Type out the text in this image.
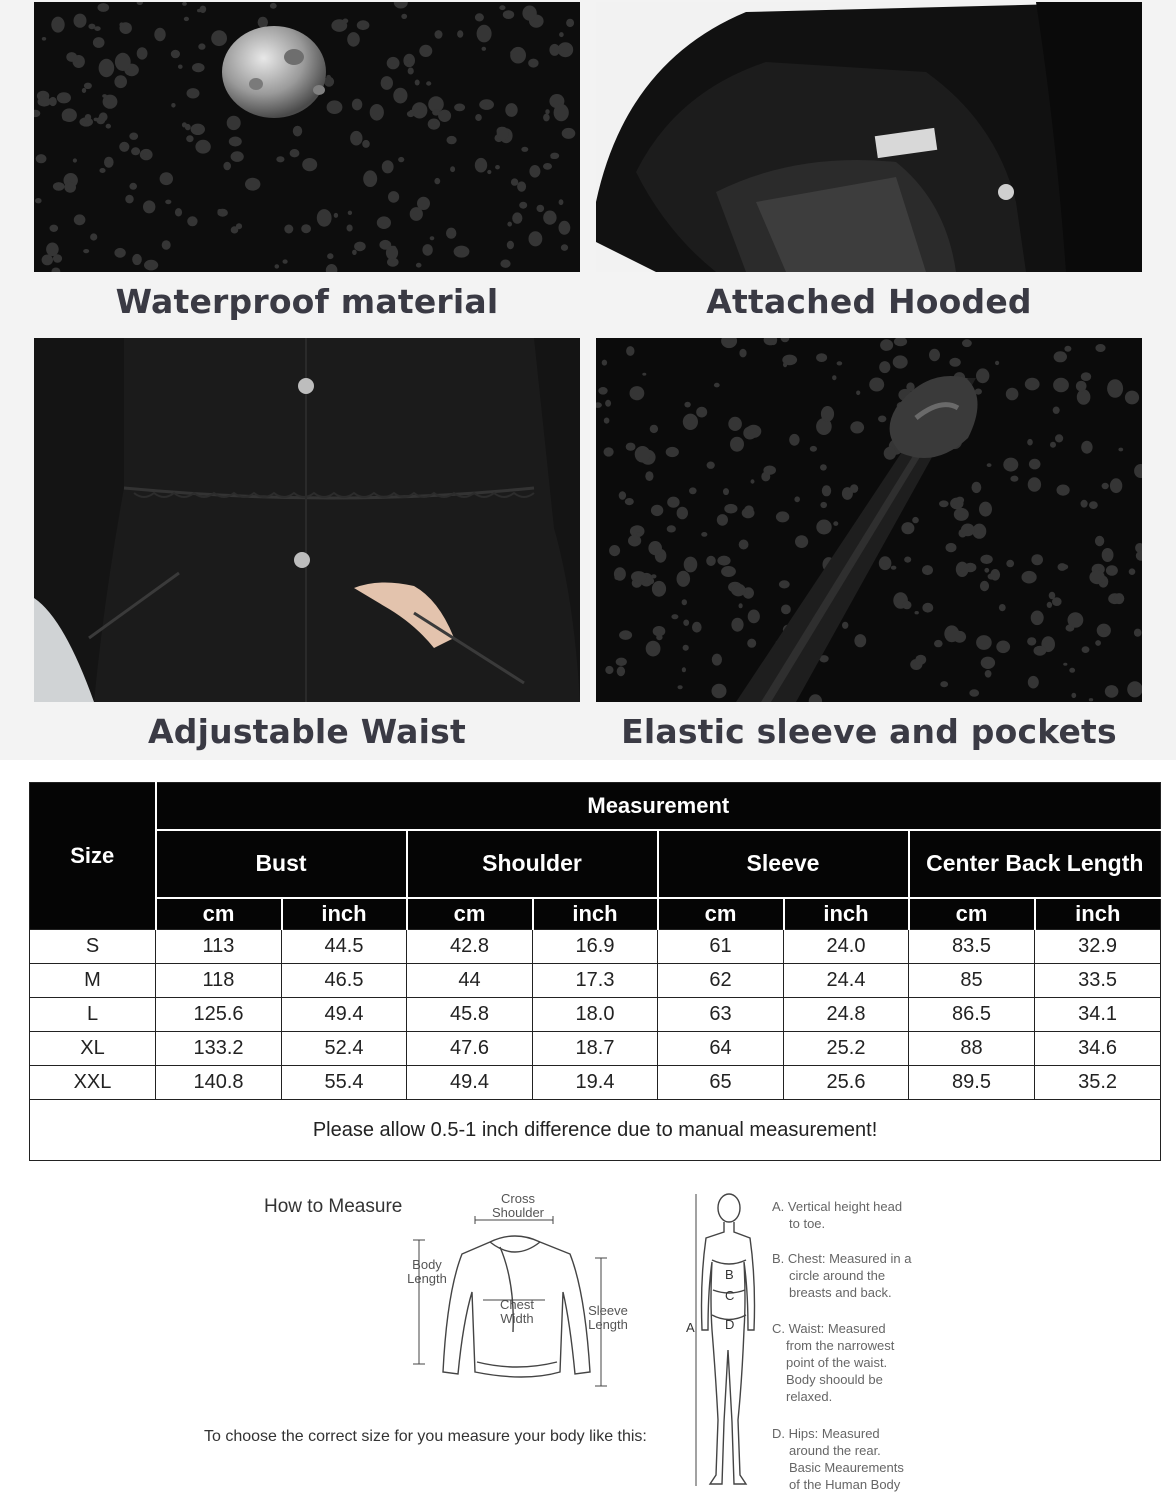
Waterproof material	Attached Hooded
Adjustable Waist	Elastic sleeve and pockets
Size	Measurement							
	Bust		Shoulder		Sleeve		Center Back Length	
	cm	inch	cm	inch	cm	inch	cm	inch
S	113	44.5	42.8	16.9	61	24.0	83.5	32.9
M	118	46.5	44	17.3	62	24.4	85	33.5
L	125.6	49.4	45.8	18.0	63	24.8	86.5	34.1
XL	133.2	52.4	47.6	18.7	64	25.2	88	34.6
XXL	140.8	55.4	49.4	19.4	65	25.6	89.5	35.2
Please allow 0.5-1 inch difference due to manual measurement!								
How to Measure
To choose the correct size for you measure your body like this:
Cross
Shoulder
Body
Length
Chest
Width
Sleeve
Length	A
B
C
D
A. Vertical height head
to toe.
B. Chest: Measured in a
circle around the
breasts and back.
C. Waist: Measured
from the narrowest
point of the waist.
Body shoould be
relaxed.
D. Hips: Measured
around the rear.
Basic Meaurements
of the Human Body
